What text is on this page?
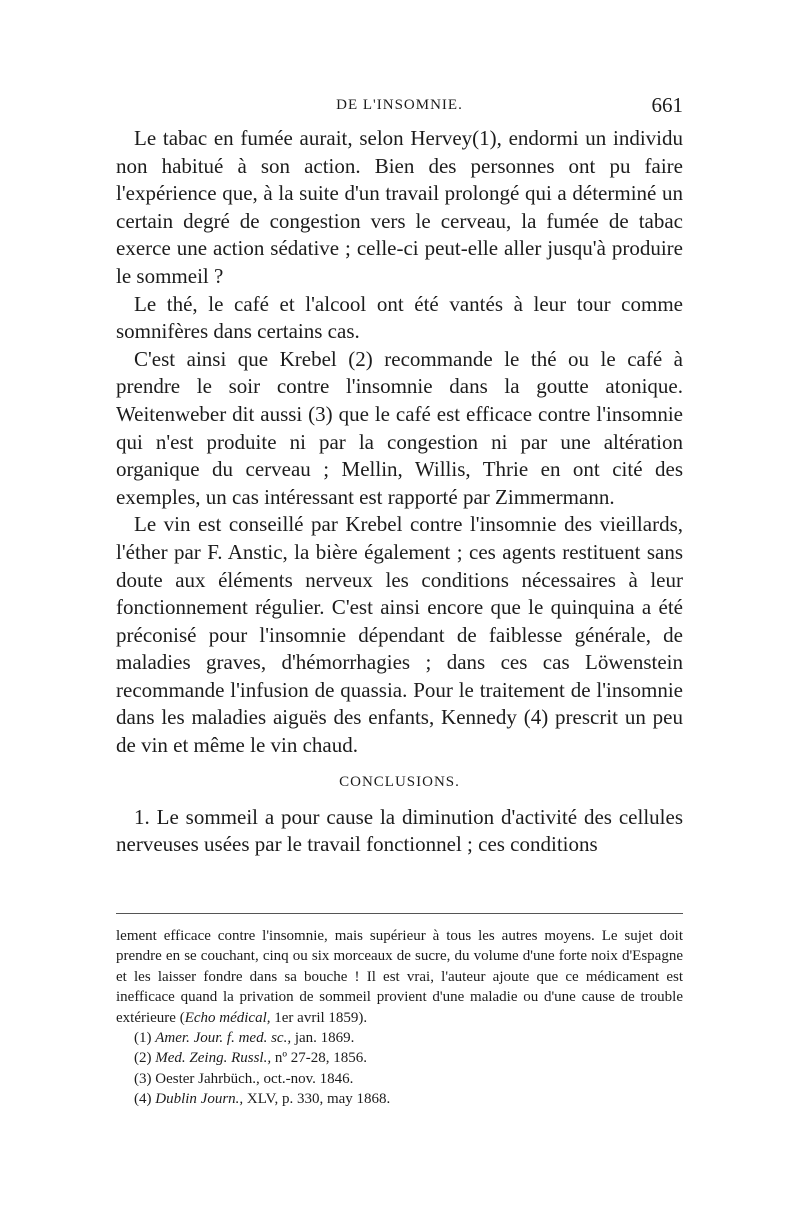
DE L'INSOMNIE.	661

Le tabac en fumée aurait, selon Hervey(1), endormi un individu non habitué à son action. Bien des personnes ont pu faire l'expérience que, à la suite d'un travail prolongé qui a déterminé un certain degré de congestion vers le cerveau, la fumée de tabac exerce une action sédative ; celle-ci peut-elle aller jusqu'à produire le sommeil ?

Le thé, le café et l'alcool ont été vantés à leur tour comme somnifères dans certains cas.

C'est ainsi que Krebel (2) recommande le thé ou le café à prendre le soir contre l'insomnie dans la goutte atonique. Weitenweber dit aussi (3) que le café est efficace contre l'insomnie qui n'est produite ni par la congestion ni par une altération organique du cerveau ; Mellin, Willis, Thrie en ont cité des exemples, un cas intéressant est rapporté par Zimmermann.

Le vin est conseillé par Krebel contre l'insomnie des vieillards, l'éther par F. Anstic, la bière également ; ces agents restituent sans doute aux éléments nerveux les conditions nécessaires à leur fonctionnement régulier. C'est ainsi encore que le quinquina a été préconisé pour l'insomnie dépendant de faiblesse générale, de maladies graves, d'hémorrhagies ; dans ces cas Löwenstein recommande l'infusion de quassia. Pour le traitement de l'insomnie dans les maladies aiguës des enfants, Kennedy (4) prescrit un peu de vin et même le vin chaud.

CONCLUSIONS.

1. Le sommeil a pour cause la diminution d'activité des cellules nerveuses usées par le travail fonctionnel ; ces conditions

lement efficace contre l'insomnie, mais supérieur à tous les autres moyens. Le sujet doit prendre en se couchant, cinq ou six morceaux de sucre, du volume d'une forte noix d'Espagne et les laisser fondre dans sa bouche ! Il est vrai, l'auteur ajoute que ce médicament est inefficace quand la privation de sommeil provient d'une maladie ou d'une cause de trouble extérieure (Echo médical, 1er avril 1859).

(1) Amer. Jour. f. med. sc., jan. 1869.

(2) Med. Zeing. Russl., nº 27-28, 1856.

(3) Oester Jahrbüch., oct.-nov. 1846.

(4) Dublin Journ., XLV, p. 330, may 1868.
